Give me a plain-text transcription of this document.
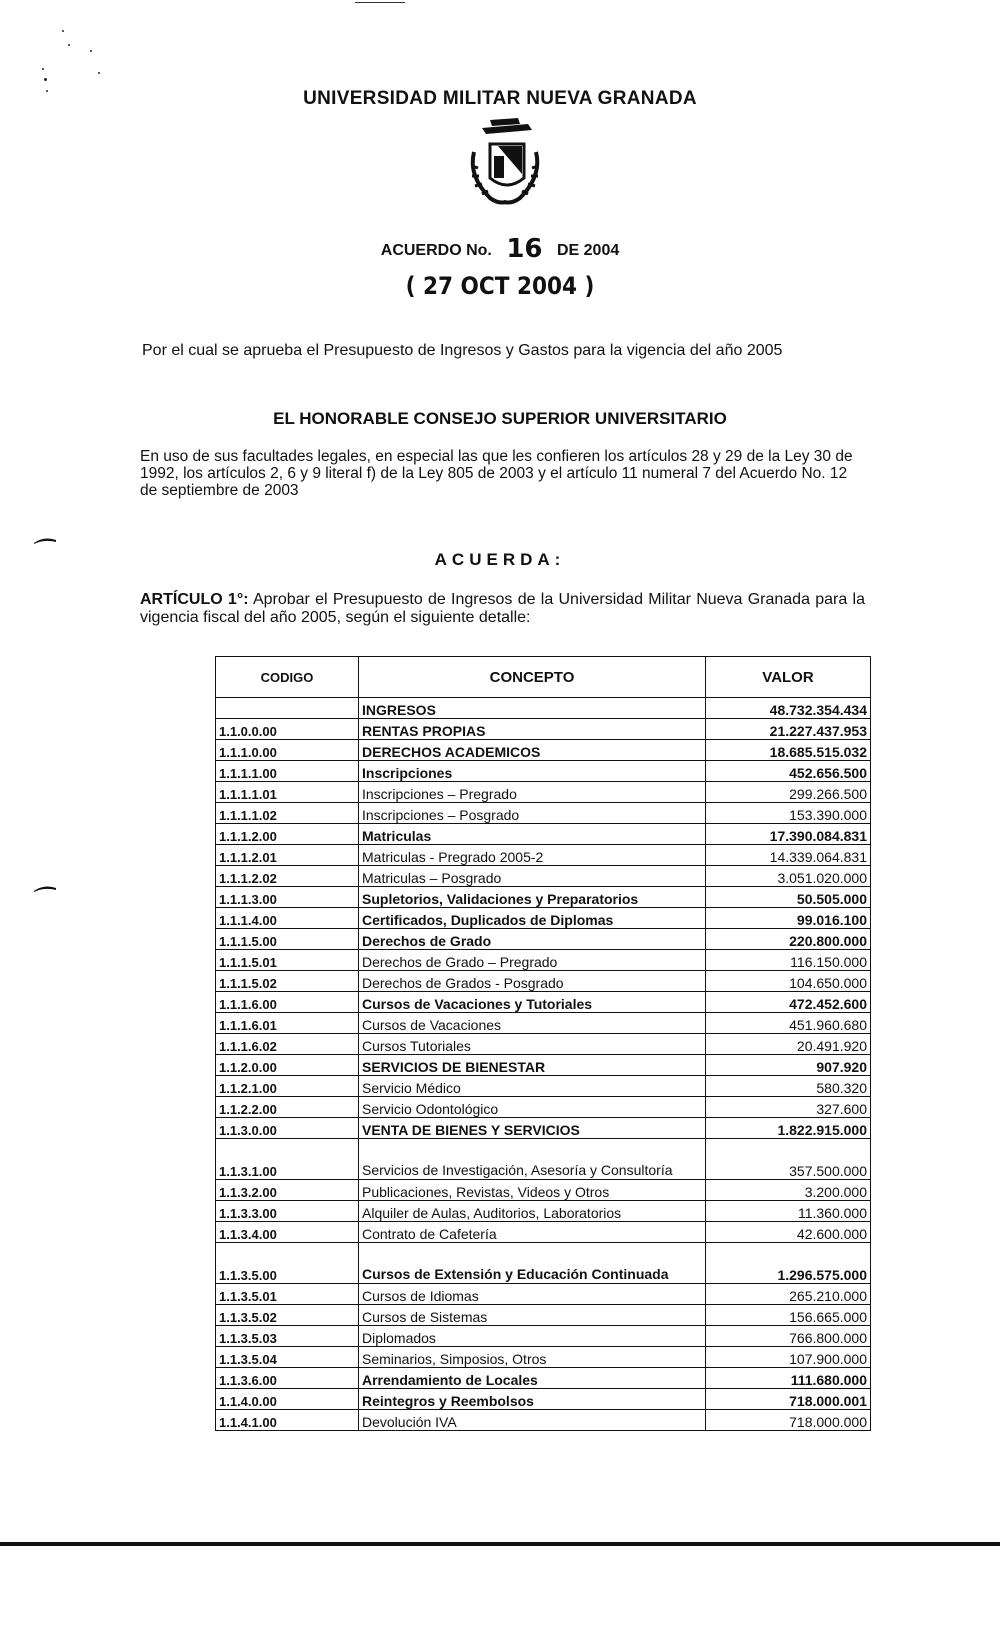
UNIVERSIDAD MILITAR NUEVA GRANADA
ACUERDO No. 16 DE 2004
( 27 OCT 2004 )
Por el cual se aprueba el Presupuesto de Ingresos y Gastos para la vigencia del año 2005
EL HONORABLE CONSEJO SUPERIOR UNIVERSITARIO
En uso de sus facultades legales, en especial las que les confieren los artículos 28 y 29 de la Ley 30 de 1992, los artículos 2, 6 y 9 literal f) de la Ley 805 de 2003 y el artículo 11 numeral 7 del Acuerdo No. 12 de septiembre de 2003
ACUERDA:
ARTÍCULO 1°: Aprobar el Presupuesto de Ingresos de la Universidad Militar Nueva Granada para la vigencia fiscal del año 2005, según el siguiente detalle:
CODIGO	CONCEPTO	VALOR
	INGRESOS	48.732.354.434
1.1.0.0.00	RENTAS PROPIAS	21.227.437.953
1.1.1.0.00	DERECHOS ACADEMICOS	18.685.515.032
1.1.1.1.00	Inscripciones	452.656.500
1.1.1.1.01	Inscripciones – Pregrado	299.266.500
1.1.1.1.02	Inscripciones – Posgrado	153.390.000
1.1.1.2.00	Matriculas	17.390.084.831
1.1.1.2.01	Matriculas - Pregrado 2005-2	14.339.064.831
1.1.1.2.02	Matriculas – Posgrado	3.051.020.000
1.1.1.3.00	Supletorios, Validaciones y Preparatorios	50.505.000
1.1.1.4.00	Certificados, Duplicados de Diplomas	99.016.100
1.1.1.5.00	Derechos de Grado	220.800.000
1.1.1.5.01	Derechos de Grado – Pregrado	116.150.000
1.1.1.5.02	Derechos de Grados - Posgrado	104.650.000
1.1.1.6.00	Cursos de Vacaciones y Tutoriales	472.452.600
1.1.1.6.01	Cursos de Vacaciones	451.960.680
1.1.1.6.02	Cursos Tutoriales	20.491.920
1.1.2.0.00	SERVICIOS DE BIENESTAR	907.920
1.1.2.1.00	Servicio Médico	580.320
1.1.2.2.00	Servicio Odontológico	327.600
1.1.3.0.00	VENTA DE BIENES Y SERVICIOS	1.822.915.000
1.1.3.1.00	Servicios de Investigación, Asesoría y Consultoría	357.500.000
1.1.3.2.00	Publicaciones, Revistas, Videos y Otros	3.200.000
1.1.3.3.00	Alquiler de Aulas, Auditorios, Laboratorios	11.360.000
1.1.3.4.00	Contrato de Cafetería	42.600.000
1.1.3.5.00	Cursos de Extensión y Educación Continuada	1.296.575.000
1.1.3.5.01	Cursos de Idiomas	265.210.000
1.1.3.5.02	Cursos de Sistemas	156.665.000
1.1.3.5.03	Diplomados	766.800.000
1.1.3.5.04	Seminarios, Simposios, Otros	107.900.000
1.1.3.6.00	Arrendamiento de Locales	111.680.000
1.1.4.0.00	Reintegros y Reembolsos	718.000.001
1.1.4.1.00	Devolución IVA	718.000.000
